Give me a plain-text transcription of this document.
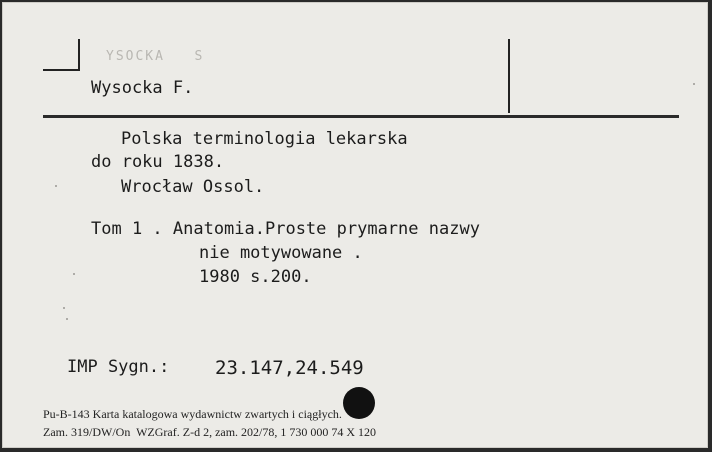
YSOCKA   S
Wysocka F.
Polska terminologia lekarska
do roku 1838.
Wrocław Ossol.
Tom 1 . Anatomia.Proste prymarne nazwy
nie motywowane .
1980 s.200.
IMP Sygn.: 23.147,24.549
Pu-B-143 Karta katalogowa wydawnictw zwartych i ciągłych.
Zam. 319/DW/On  WZGraf. Z-d 2, zam. 202/78, 1 730 000 74 X 120
